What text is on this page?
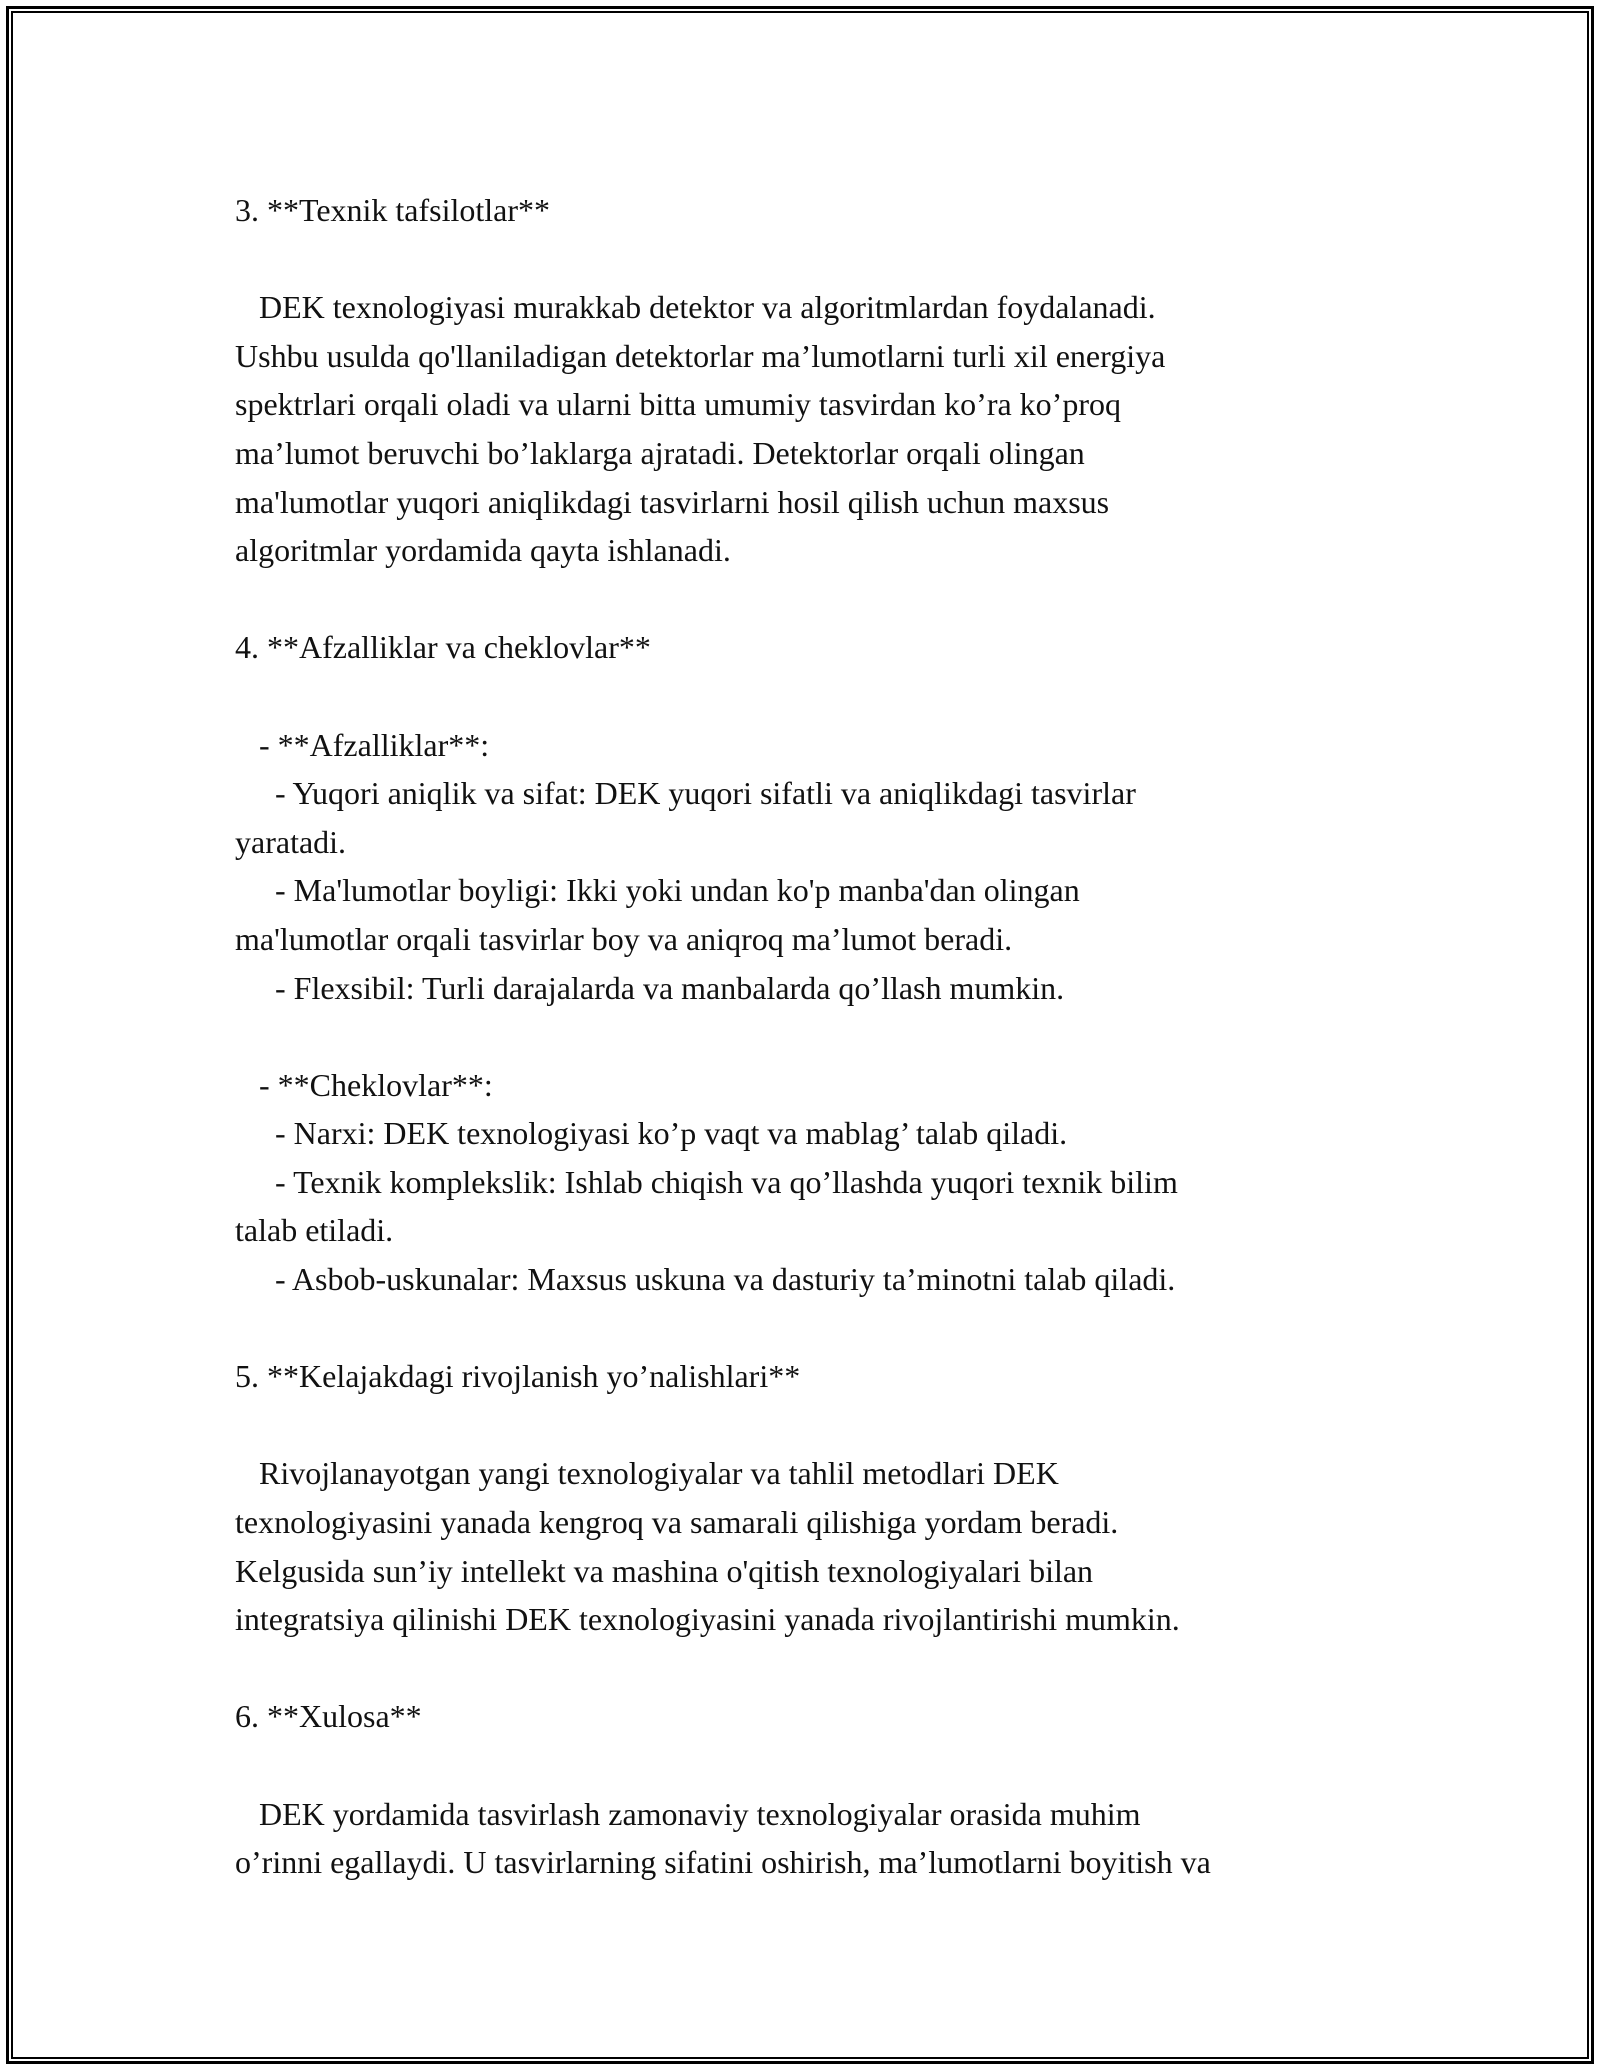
3. **Texnik tafsilotlar**
DEK texnologiyasi murakkab detektor va algoritmlardan foydalanadi.
Ushbu usulda qo'llaniladigan detektorlar ma’lumotlarni turli xil energiya
spektrlari orqali oladi va ularni bitta umumiy tasvirdan ko’ra ko’proq
ma’lumot beruvchi bo’laklarga ajratadi. Detektorlar orqali olingan
ma'lumotlar yuqori aniqlikdagi tasvirlarni hosil qilish uchun maxsus
algoritmlar yordamida qayta ishlanadi.
4. **Afzalliklar va cheklovlar**
- **Afzalliklar**:
- Yuqori aniqlik va sifat: DEK yuqori sifatli va aniqlikdagi tasvirlar
yaratadi.
- Ma'lumotlar boyligi: Ikki yoki undan ko'p manba'dan olingan
ma'lumotlar orqali tasvirlar boy va aniqroq ma’lumot beradi.
- Flexsibil: Turli darajalarda va manbalarda qo’llash mumkin.
- **Cheklovlar**:
- Narxi: DEK texnologiyasi ko’p vaqt va mablag’ talab qiladi.
- Texnik komplekslik: Ishlab chiqish va qo’llashda yuqori texnik bilim
talab etiladi.
- Asbob-uskunalar: Maxsus uskuna va dasturiy ta’minotni talab qiladi.
5. **Kelajakdagi rivojlanish yo’nalishlari**
Rivojlanayotgan yangi texnologiyalar va tahlil metodlari DEK
texnologiyasini yanada kengroq va samarali qilishiga yordam beradi.
Kelgusida sun’iy intellekt va mashina o'qitish texnologiyalari bilan
integratsiya qilinishi DEK texnologiyasini yanada rivojlantirishi mumkin.
6. **Xulosa**
DEK yordamida tasvirlash zamonaviy texnologiyalar orasida muhim
o’rinni egallaydi. U tasvirlarning sifatini oshirish, ma’lumotlarni boyitish va
